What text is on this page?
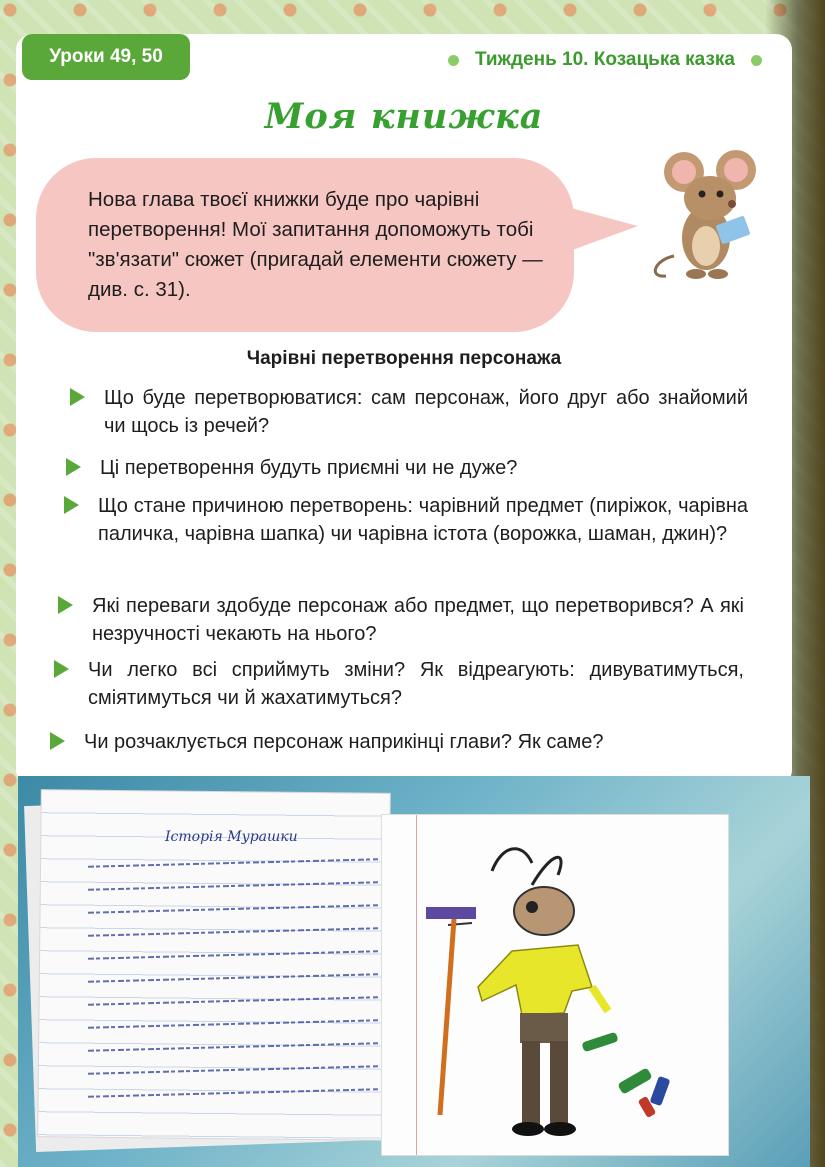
Уроки 49, 50	Тиждень 10. Козацька казка
Моя книжка
Нова глава твоєї книжки буде про чарівні перетворення! Мої запитання допоможуть тобі "зв'язати" сюжет (пригадай елементи сюжету — див. с. 31).
Чарівні перетворення персонажа
Що буде перетворюватися: сам персонаж, його друг або знайомий чи щось із речей?
Ці перетворення будуть приємні чи не дуже?
Що стане причиною перетворень: чарівний предмет (пиріжок, чарівна паличка, чарівна шапка) чи чарівна істота (ворожка, шаман, джин)?
Які переваги здобуде персонаж або предмет, що перетворився? А які незручності чекають на нього?
Чи легко всі сприймуть зміни? Як відреагують: дивуватимуться, сміятимуться чи й жахатимуться?
Чи розчаклується персонаж наприкінці глави? Як саме?
Історія Мурашки
